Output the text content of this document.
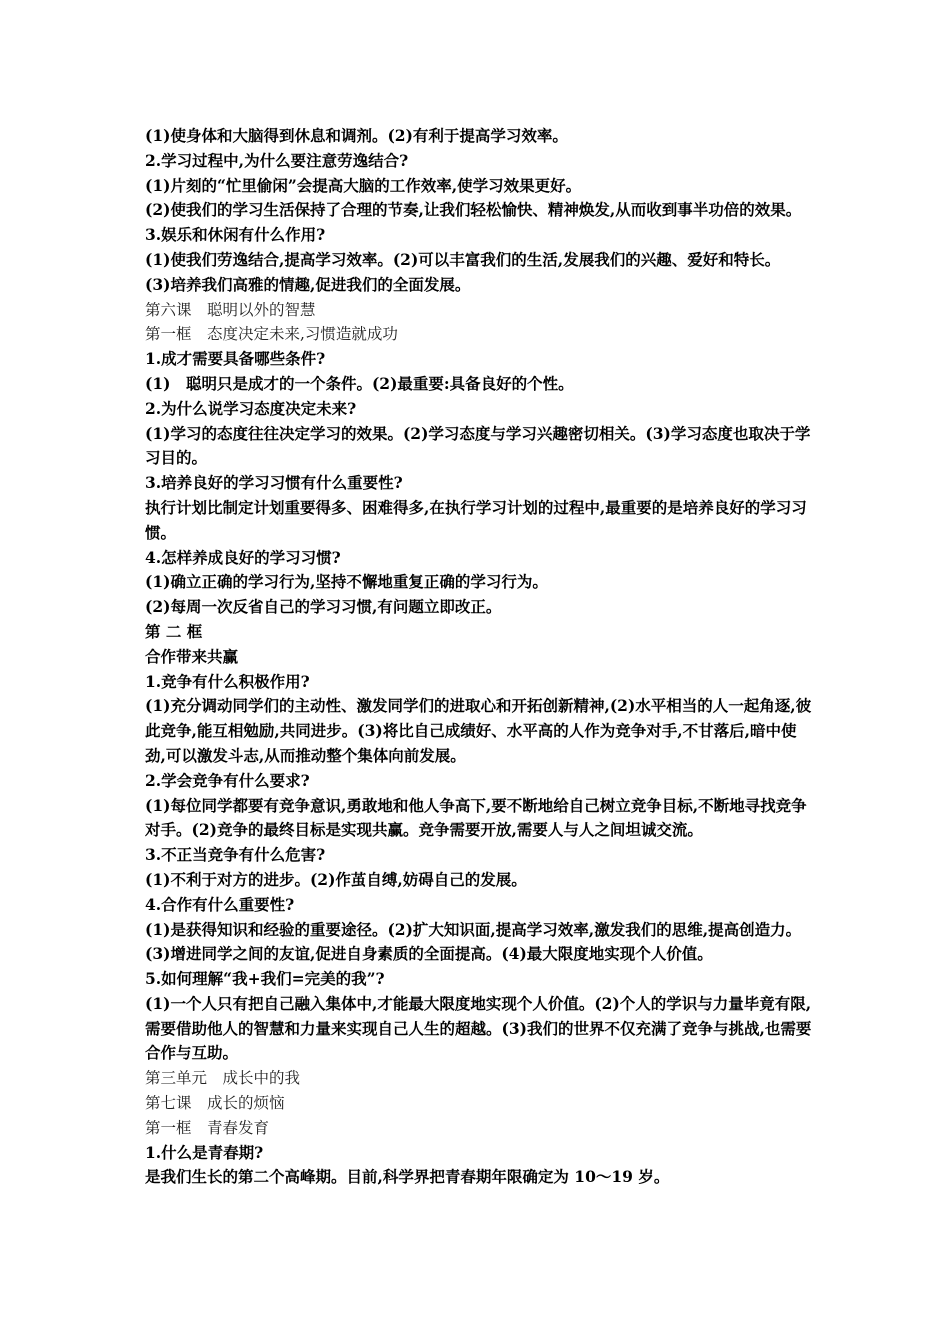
(1)使身体和大脑得到休息和调剂。(2)有利于提高学习效率。
2.学习过程中,为什么要注意劳逸结合?
(1)片刻的“忙里偷闲”会提高大脑的工作效率,使学习效果更好。
(2)使我们的学习生活保持了合理的节奏,让我们轻松愉快、精神焕发,从而收到事半功倍的效果。
3.娱乐和休闲有什么作用?
(1)使我们劳逸结合,提高学习效率。(2)可以丰富我们的生活,发展我们的兴趣、爱好和特长。
(3)培养我们高雅的情趣,促进我们的全面发展。
第六课　聪明以外的智慧
第一框　态度决定未来,习惯造就成功
1.成才需要具备哪些条件?
(1)　聪明只是成才的一个条件。(2)最重要:具备良好的个性。
2.为什么说学习态度决定未来?
(1)学习的态度往往决定学习的效果。(2)学习态度与学习兴趣密切相关。(3)学习态度也取决于学习目的。
3.培养良好的学习习惯有什么重要性?
执行计划比制定计划重要得多、困难得多,在执行学习计划的过程中,最重要的是培养良好的学习习惯。
4.怎样养成良好的学习习惯?
(1)确立正确的学习行为,坚持不懈地重复正确的学习行为。
(2)每周一次反省自己的学习习惯,有问题立即改正。
第 二 框
合作带来共赢
1.竞争有什么积极作用?
(1)充分调动同学们的主动性、激发同学们的进取心和开拓创新精神,(2)水平相当的人一起角逐,彼此竞争,能互相勉励,共同进步。(3)将比自己成绩好、水平高的人作为竞争对手,不甘落后,暗中使劲,可以激发斗志,从而推动整个集体向前发展。
2.学会竞争有什么要求?
(1)每位同学都要有竞争意识,勇敢地和他人争高下,要不断地给自己树立竞争目标,不断地寻找竞争对手。(2)竞争的最终目标是实现共赢。竞争需要开放,需要人与人之间坦诚交流。
3.不正当竞争有什么危害?
(1)不利于对方的进步。(2)作茧自缚,妨碍自己的发展。
4.合作有什么重要性?
(1)是获得知识和经验的重要途径。(2)扩大知识面,提高学习效率,激发我们的思维,提高创造力。(3)增进同学之间的友谊,促进自身素质的全面提高。(4)最大限度地实现个人价值。
5.如何理解“我+我们=完美的我”?
(1)一个人只有把自己融入集体中,才能最大限度地实现个人价值。(2)个人的学识与力量毕竟有限,需要借助他人的智慧和力量来实现自己人生的超越。(3)我们的世界不仅充满了竞争与挑战,也需要合作与互助。
第三单元　成长中的我
第七课　成长的烦恼
第一框　青春发育
1.什么是青春期?
是我们生长的第二个高峰期。目前,科学界把青春期年限确定为 10～19 岁。
